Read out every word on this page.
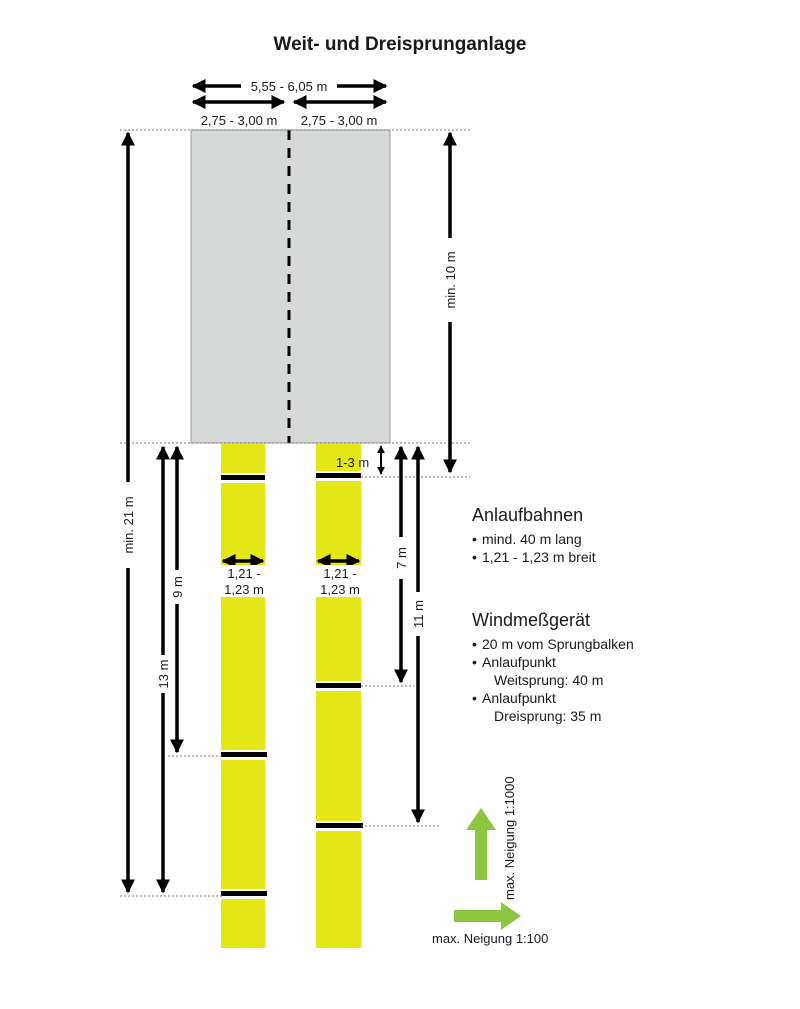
Weit- und Dreisprunganlage
5,55 - 6,05 m
2,75 - 3,00 m 2,75 - 3,00 m
min. 10 m
min. 21 m
13 m
9 m
1-3 m
7 m
11 m
1,21 -
1,23 m
1,21 -
1,23 m
max. Neigung 1:1000
max. Neigung 1:100
Anlaufbahnen
• mind. 40 m lang
• 1,21 - 1,23 m breit
Windmeßgerät
• 20 m vom Sprungbalken
• Anlaufpunkt
Weitsprung: 40 m
• Anlaufpunkt
Dreisprung: 35 m
